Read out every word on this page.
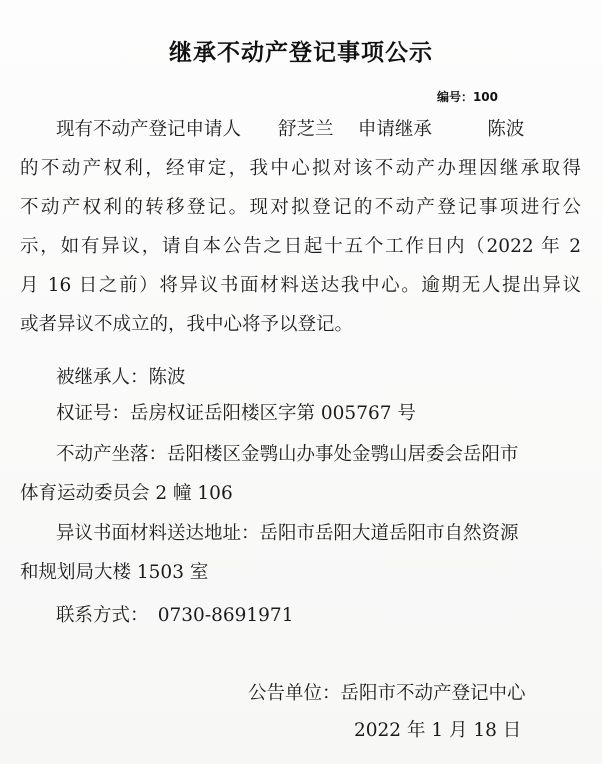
继承不动产登记事项公示
编号：100
现有不动产登记申请人　　舒芝兰　 申请继承　　　陈波
的不动产权利，经审定，我中心拟对该不动产办理因继承取得
不动产权利的转移登记。现对拟登记的不动产登记事项进行公
示，如有异议，请自本公告之日起十五个工作日内（2022 年 2
月 16 日之前）将异议书面材料送达我中心。逾期无人提出异议
或者异议不成立的，我中心将予以登记。
被继承人：陈波
权证号：岳房权证岳阳楼区字第 005767 号
不动产坐落：岳阳楼区金鹗山办事处金鹗山居委会岳阳市
体育运动委员会 2 幢 106
异议书面材料送达地址：岳阳市岳阳大道岳阳市自然资源
和规划局大楼 1503 室
联系方式：　0730-8691971
公告单位：岳阳市不动产登记中心
2022 年 1 月 18 日
